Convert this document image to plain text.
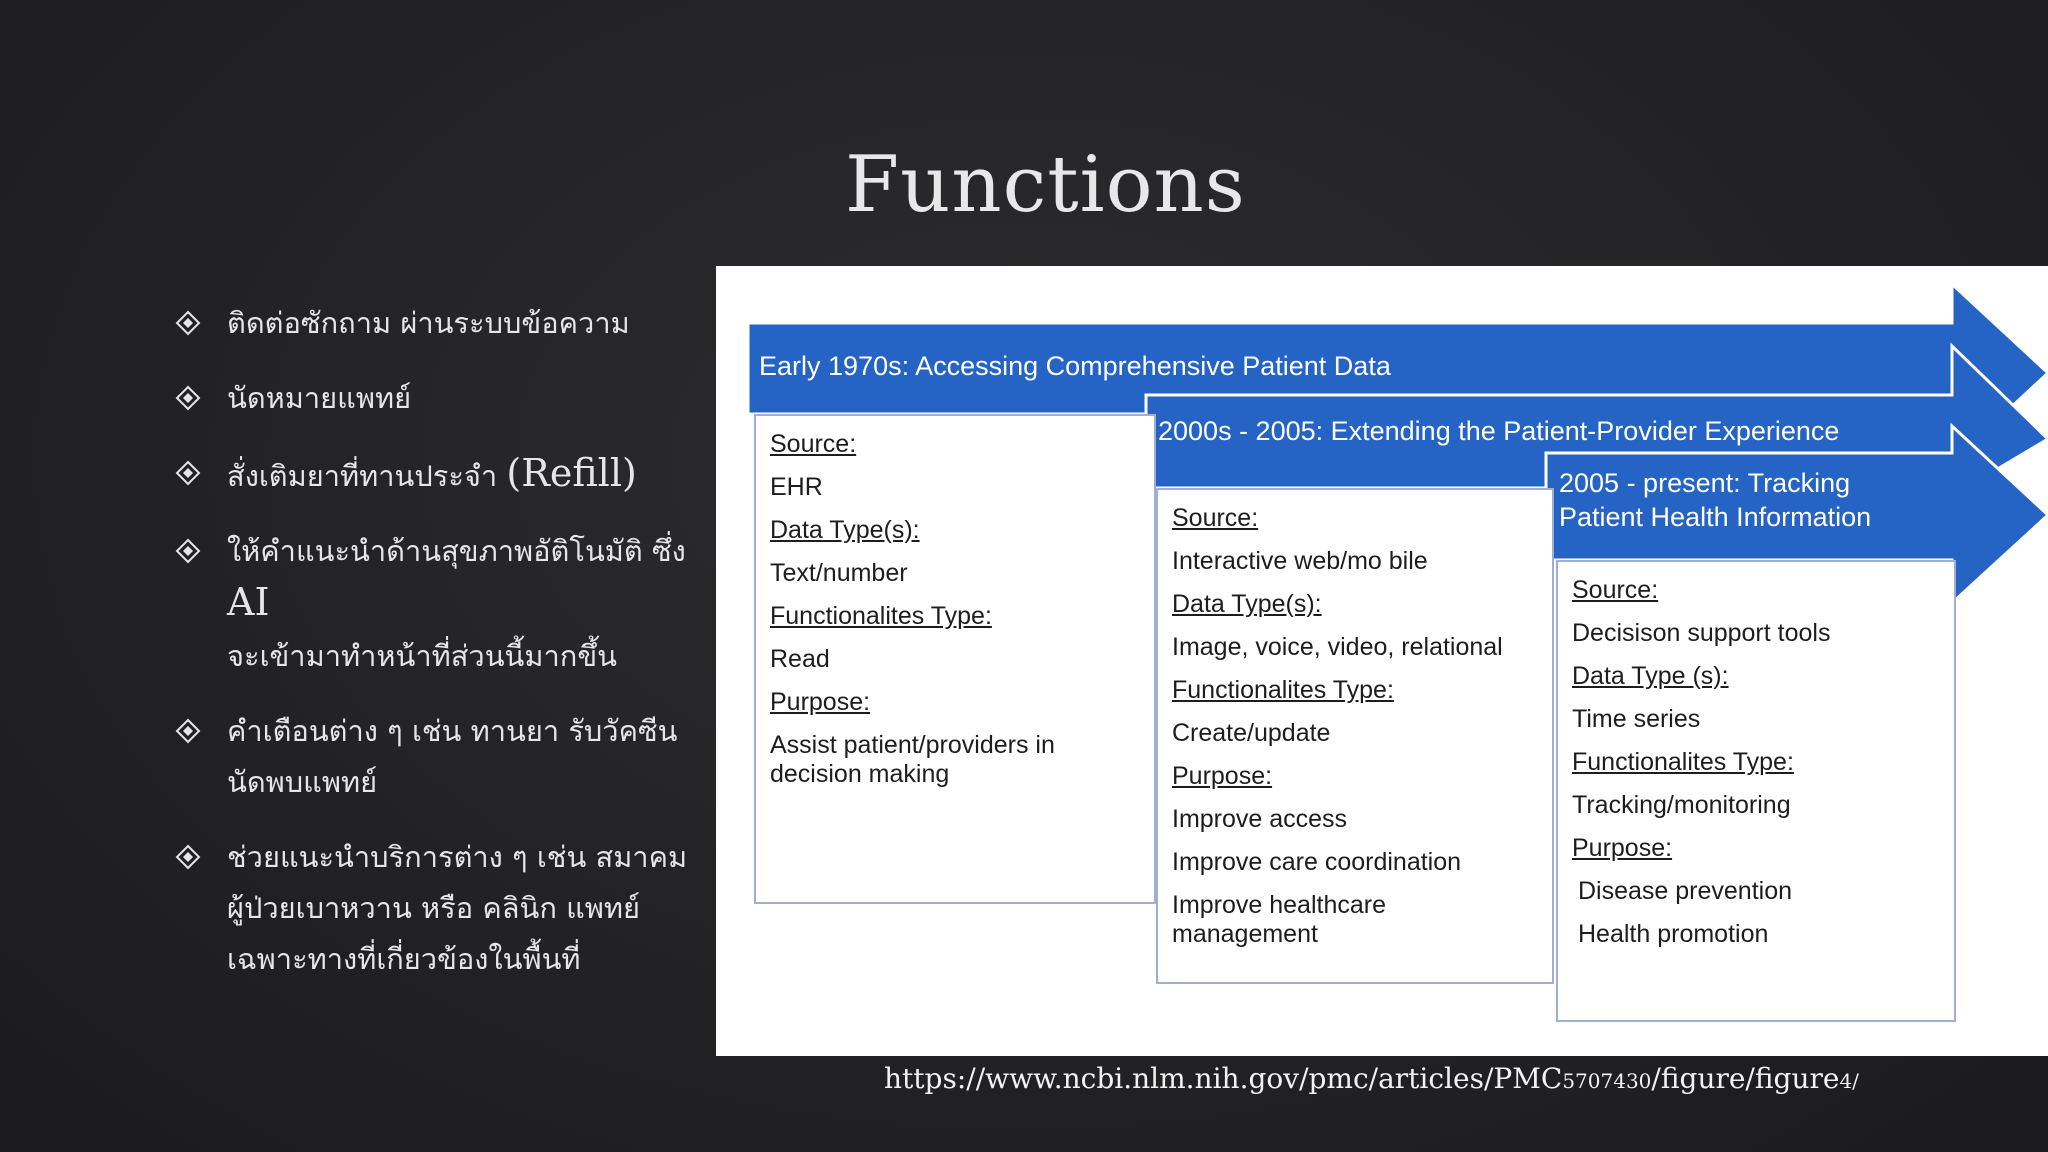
Functions
ติดต่อซักถาม ผ่านระบบข้อความ
นัดหมายแพทย์
สั่งเติมยาที่ทานประจำ (Refill)
ให้คำแนะนำด้านสุขภาพอัติโนมัติ ซึ่ง AI
จะเข้ามาทำหน้าที่ส่วนนี้มากขึ้น
คำเตือนต่าง ๆ เช่น ทานยา รับวัคซีน นัดพบแพทย์
ช่วยแนะนำบริการต่าง ๆ เช่น สมาคม ผู้ป่วยเบาหวาน หรือ คลินิก แพทย์เฉพาะทางที่เกี่ยวข้องในพื้นที่
Early 1970s: Accessing Comprehensive Patient Data
2000s - 2005: Extending the Patient-Provider Experience
2005 - present: Tracking
Patient Health Information

Source:

EHR

Data Type(s):

Text/number

Functionalites Type:

Read

Purpose:

Assist patient/providers in decision making

Source:

Interactive web/mo bile

Data Type(s):

Image, voice, video, relational

Functionalites Type:

Create/update

Purpose:

Improve access

Improve care coordination

Improve healthcare management

Source:

Decisison support tools

Data Type (s):

Time series

Functionalites Type:

Tracking/monitoring

Purpose:

Disease prevention

Health promotion

https://www.ncbi.nlm.nih.gov/pmc/articles/PMC5707430/figure/figure4/
